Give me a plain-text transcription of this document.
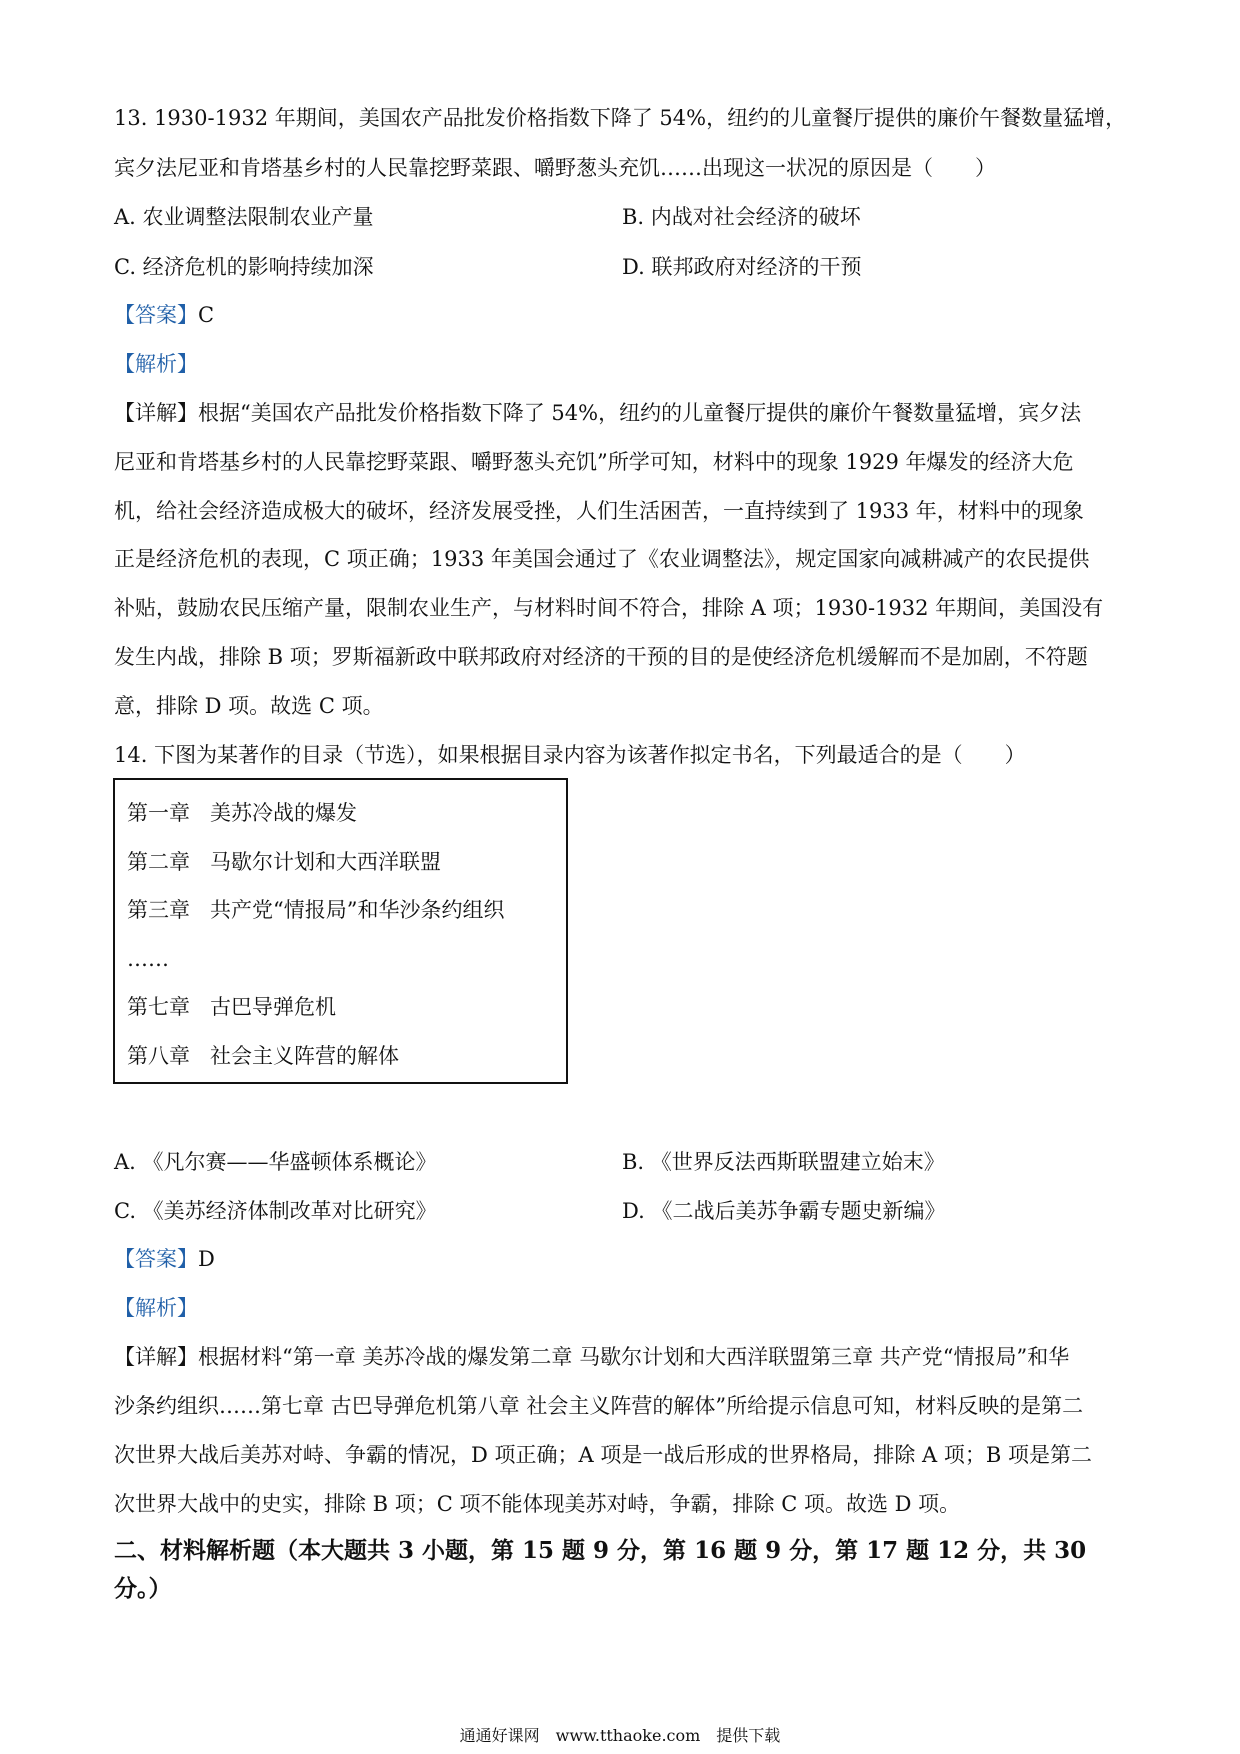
13. 1930-1932 年期间，美国农产品批发价格指数下降了 54%，纽约的儿童餐厅提供的廉价午餐数量猛增，
宾夕法尼亚和肯塔基乡村的人民靠挖野菜跟、嚼野葱头充饥……出现这一状况的原因是（　　）
A. 农业调整法限制农业产量	B. 内战对社会经济的破坏
C. 经济危机的影响持续加深	D. 联邦政府对经济的干预
【答案】C
【解析】
【详解】根据“美国农产品批发价格指数下降了 54%，纽约的儿童餐厅提供的廉价午餐数量猛增，宾夕法
尼亚和肯塔基乡村的人民靠挖野菜跟、嚼野葱头充饥”所学可知，材料中的现象 1929 年爆发的经济大危
机，给社会经济造成极大的破坏，经济发展受挫，人们生活困苦，一直持续到了 1933 年，材料中的现象
正是经济危机的表现，C 项正确；1933 年美国会通过了《农业调整法》，规定国家向减耕减产的农民提供
补贴，鼓励农民压缩产量，限制农业生产，与材料时间不符合，排除 A 项；1930-1932 年期间，美国没有
发生内战，排除 B 项；罗斯福新政中联邦政府对经济的干预的目的是使经济危机缓解而不是加剧，不符题
意，排除 D 项。故选 C 项。
14. 下图为某著作的目录（节选），如果根据目录内容为该著作拟定书名，下列最适合的是（　　）
第一章 美苏冷战的爆发
第二章 马歇尔计划和大西洋联盟
第三章 共产党“情报局”和华沙条约组织
……
第七章 古巴导弹危机
第八章 社会主义阵营的解体
A. 《凡尔赛——华盛顿体系概论》	B. 《世界反法西斯联盟建立始末》
C. 《美苏经济体制改革对比研究》	D. 《二战后美苏争霸专题史新编》
【答案】D
【解析】
【详解】根据材料“第一章 美苏冷战的爆发第二章 马歇尔计划和大西洋联盟第三章 共产党“情报局”和华
沙条约组织……第七章 古巴导弹危机第八章 社会主义阵营的解体”所给提示信息可知，材料反映的是第二
次世界大战后美苏对峙、争霸的情况，D 项正确；A 项是一战后形成的世界格局，排除 A 项；B 项是第二
次世界大战中的史实，排除 B 项；C 项不能体现美苏对峙，争霸，排除 C 项。故选 D 项。
二、材料解析题（本大题共 3 小题，第 15 题 9 分，第 16 题 9 分，第 17 题 12 分，共 30
分。）
通通好课网　www.tthaoke.com　提供下载
